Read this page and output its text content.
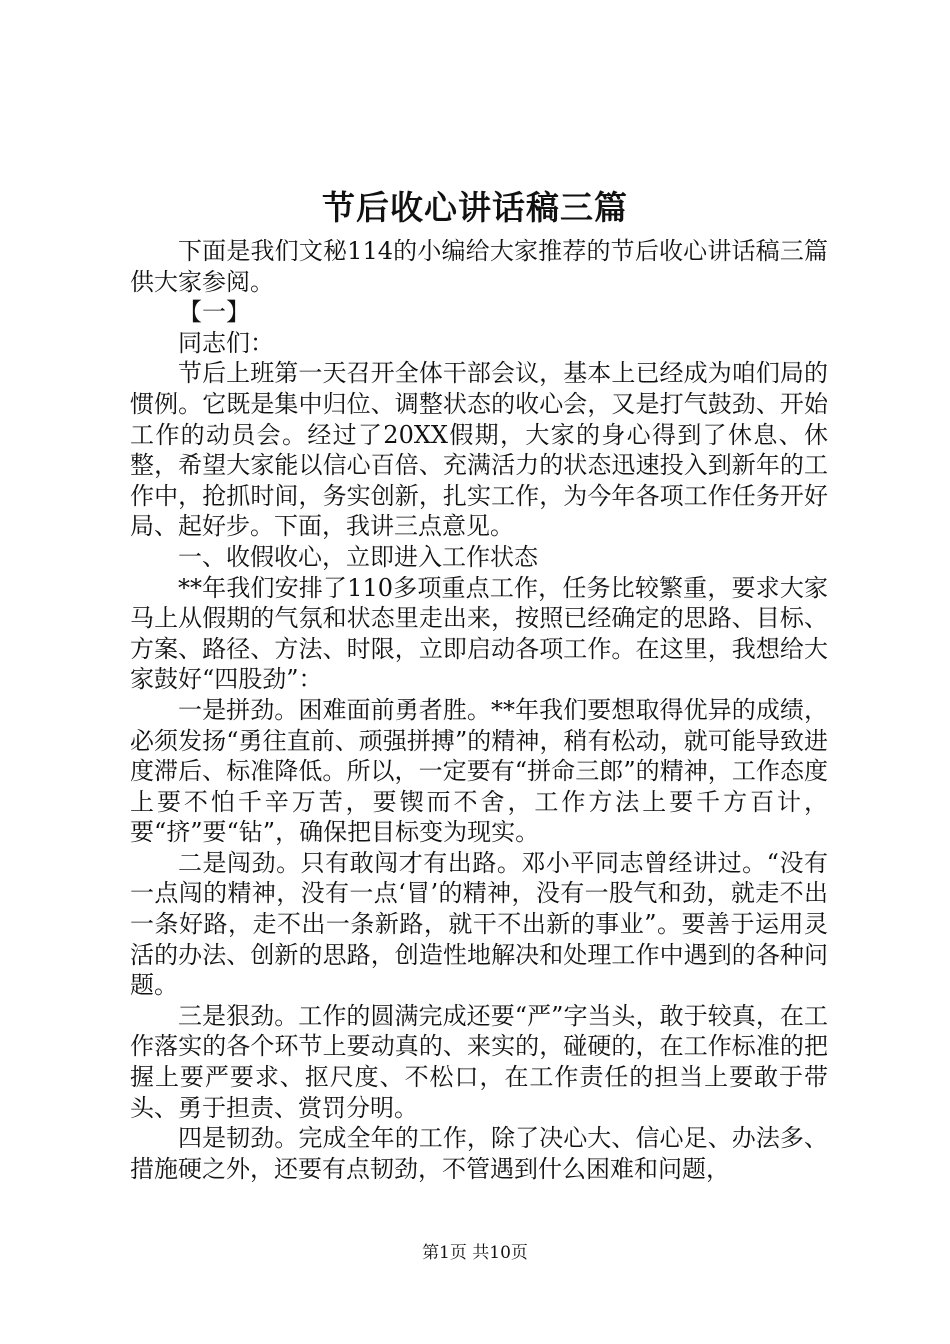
节后收心讲话稿三篇

下面是我们文秘114的小编给大家推荐的节后收心讲话稿三篇供大家参阅。

【一】

同志们：

节后上班第一天召开全体干部会议，基本上已经成为咱们局的惯例。它既是集中归位、调整状态的收心会，又是打气鼓劲、开始工作的动员会。经过了20XX假期，大家的身心得到了休息、休整，希望大家能以信心百倍、充满活力的状态迅速投入到新年的工作中，抢抓时间，务实创新，扎实工作，为今年各项工作任务开好局、起好步。下面，我讲三点意见。

一、收假收心，立即进入工作状态

**年我们安排了110多项重点工作，任务比较繁重，要求大家马上从假期的气氛和状态里走出来，按照已经确定的思路、目标、方案、路径、方法、时限，立即启动各项工作。在这里，我想给大家鼓好“四股劲”：

一是拼劲。困难面前勇者胜。**年我们要想取得优异的成绩，必须发扬“勇往直前、顽强拼搏”的精神，稍有松动，就可能导致进度滞后、标准降低。所以，一定要有“拼命三郎”的精神，工作态度上要不怕千辛万苦，要锲而不舍，工作方法上要千方百计，要“挤”要“钻”，确保把目标变为现实。

二是闯劲。只有敢闯才有出路。邓小平同志曾经讲过。“没有一点闯的精神，没有一点‘冒’的精神，没有一股气和劲，就走不出一条好路，走不出一条新路，就干不出新的事业”。要善于运用灵活的办法、创新的思路，创造性地解决和处理工作中遇到的各种问题。

三是狠劲。工作的圆满完成还要“严”字当头，敢于较真，在工作落实的各个环节上要动真的、来实的，碰硬的，在工作标准的把握上要严要求、抠尺度、不松口，在工作责任的担当上要敢于带头、勇于担责、赏罚分明。

四是韧劲。完成全年的工作，除了决心大、信心足、办法多、措施硬之外，还要有点韧劲，不管遇到什么困难和问题，

第1页 共10页
